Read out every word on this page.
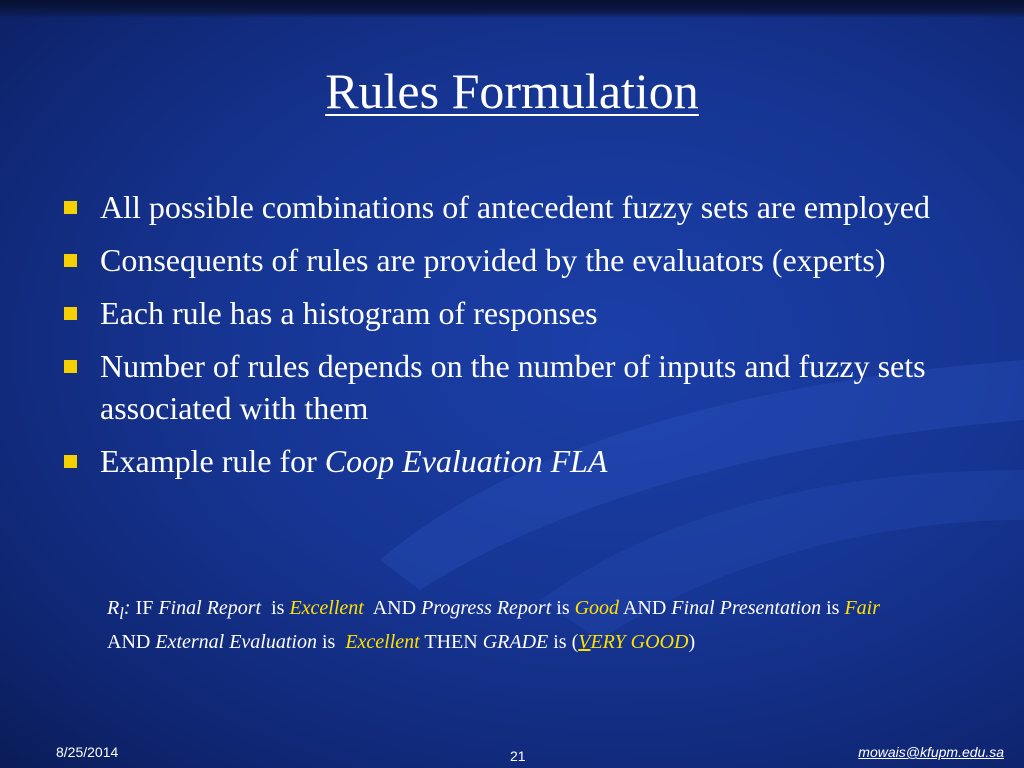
Rules Formulation
All possible combinations of antecedent fuzzy sets are employed
Consequents of rules are provided by the evaluators (experts)
Each rule has a histogram of responses
Number of rules depends on the number of inputs and fuzzy sets associated with them
Example rule for Coop Evaluation FLA
$R_l$: IF Final Report  is Excellent  AND Progress Report is Good AND Final Presentation is Fair
AND External Evaluation is  Excellent THEN GRADE is (VERY GOOD)
8/25/2014	21	mowais@kfupm.edu.sa
